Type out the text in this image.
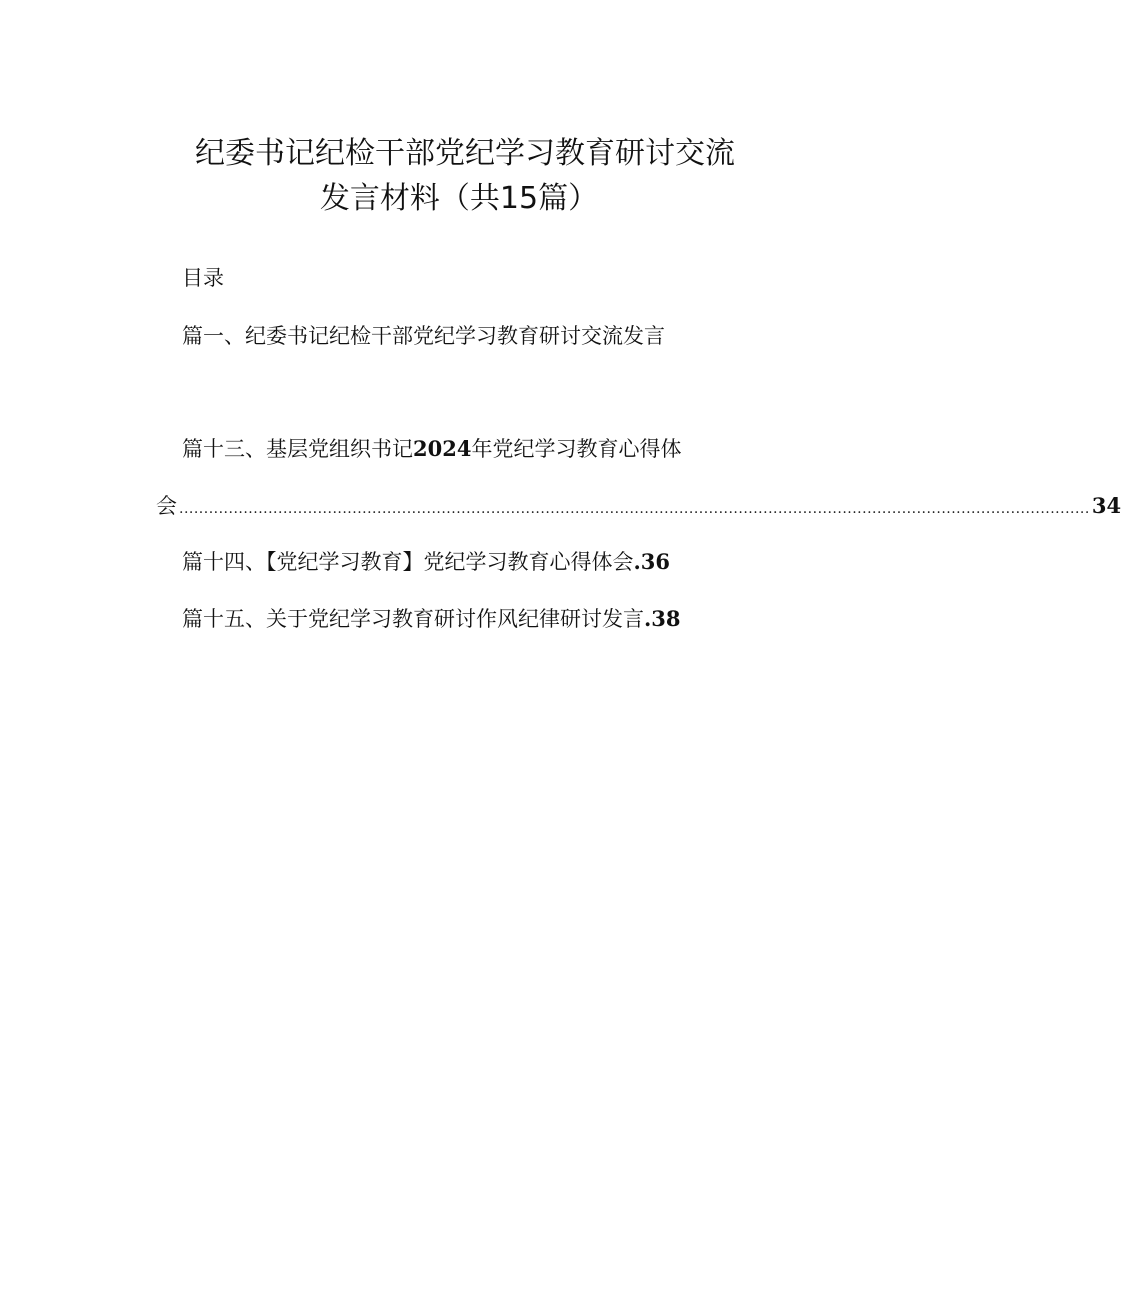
纪委书记纪检干部党纪学习教育研讨交流
发言材料（共15篇）
目录
篇一、纪委书记纪检干部党纪学习教育研讨交流发言
篇十三、基层党组织书记2024年党纪学习教育心得体
会 ........................................................................................................................................................................................ 34
篇十四、【党纪学习教育】党纪学习教育心得体会.36
篇十五、关于党纪学习教育研讨作风纪律研讨发言.38
